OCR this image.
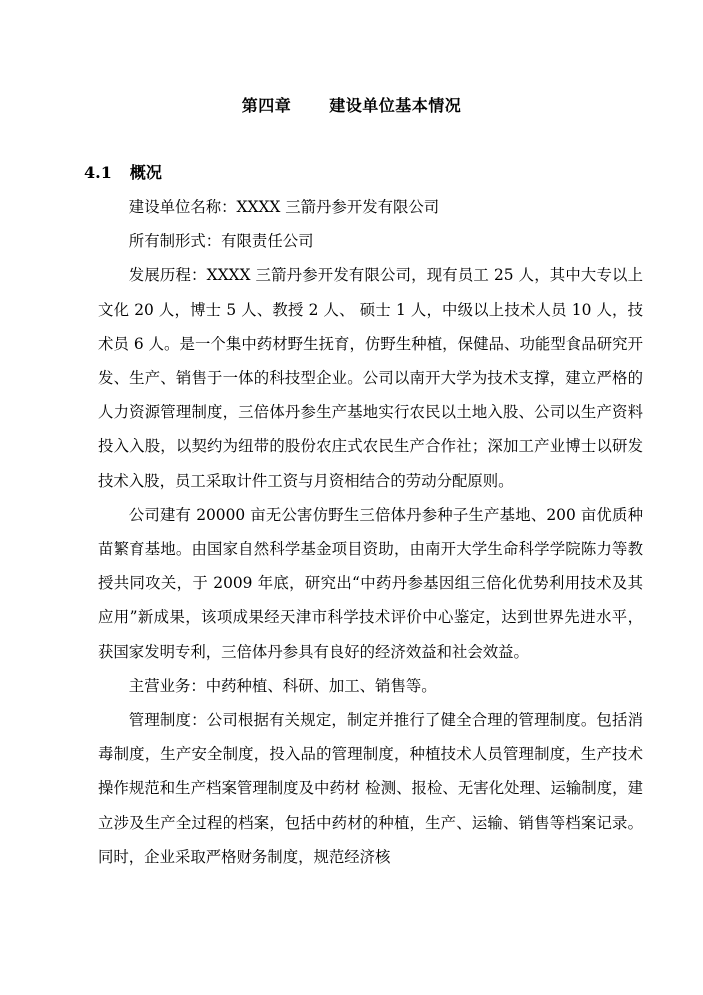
第四章 建设单位基本情况
4.1 概况

建设单位名称：XXXX 三箭丹参开发有限公司

所有制形式：有限责任公司

发展历程：XXXX 三箭丹参开发有限公司，现有员工 25 人，其中大专以上文化 20 人，博士 5 人、教授 2 人、 硕士 1 人，中级以上技术人员 10 人，技术员 6 人。是一个集中药材野生抚育，仿野生种植，保健品、功能型食品研究开发、生产、销售于一体的科技型企业。公司以南开大学为技术支撑，建立严格的人力资源管理制度，三倍体丹参生产基地实行农民以土地入股、公司以生产资料投入入股，以契约为纽带的股份农庄式农民生产合作社；深加工产业博士以研发技术入股，员工采取计件工资与月资相结合的劳动分配原则。

公司建有 20000 亩无公害仿野生三倍体丹参种子生产基地、200 亩优质种苗繁育基地。由国家自然科学基金项目资助，由南开大学生命科学学院陈力等教授共同攻关，于 2009 年底，研究出“中药丹参基因组三倍化优势利用技术及其应用”新成果，该项成果经天津市科学技术评价中心鉴定，达到世界先进水平，获国家发明专利，三倍体丹参具有良好的经济效益和社会效益。

主营业务：中药种植、科研、加工、销售等。

管理制度：公司根据有关规定，制定并推行了健全合理的管理制度。包括消毒制度，生产安全制度，投入品的管理制度，种植技术人员管理制度，生产技术操作规范和生产档案管理制度及中药材 检测、报检、无害化处理、运输制度，建立涉及生产全过程的档案，包括中药材的种植，生产、运输、销售等档案记录。同时，企业采取严格财务制度，规范经济核
